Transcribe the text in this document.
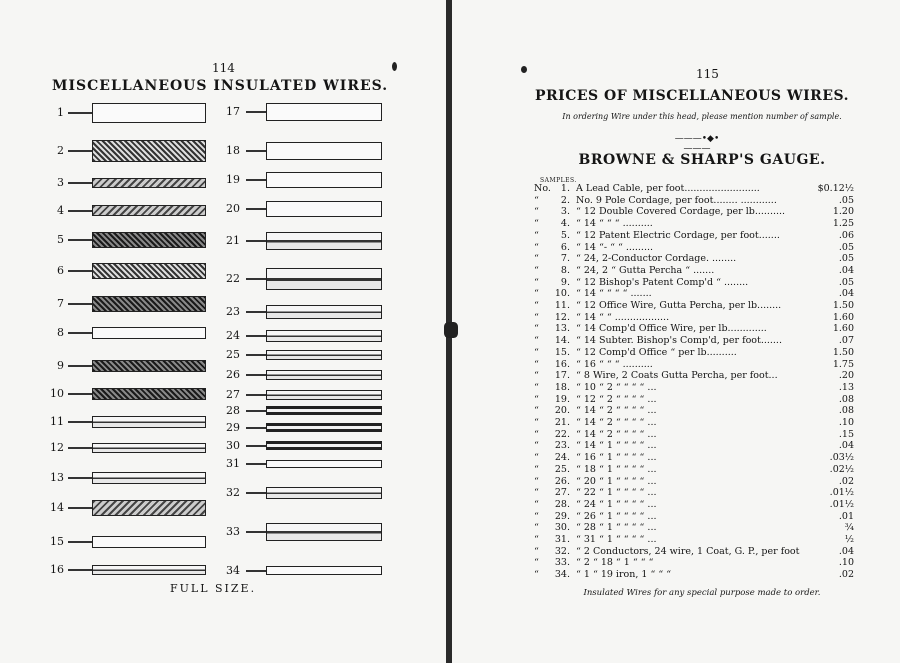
114
MISCELLANEOUS INSULATED WIRES.
1
2
3
4
5
6
7
8
9
10
11
12
13
14
15
16
17
18
19
20
21
22
23
24
25
26
27
28
29
30
31
32
33
34
FULL SIZE.
115
PRICES OF MISCELLANEOUS WIRES.
In ordering Wire under this head, please mention number of sample.
———•◆•———
BROWNE & SHARP'S GAUGE.
SAMPLES.
No.	1. A Lead Cable, per foot.........................	$0.12½
“	2. No. 9 Pole Cordage, per foot........ ............	.05
“	3. “ 12 Double Covered Cordage, per lb..........	1.20
“	4. “ 14 “ “ “ ..........	1.25
“	5. “ 12 Patent Electric Cordage, per foot.......	.06
“	6. “ 14 “- “ “ .........	.05
“	7. “ 24, 2-Conductor Cordage. ........	.05
“	8. “ 24, 2 “ Gutta Percha “ .......	.04
“	9. “ 12 Bishop's Patent Comp'd “ ........	.05
“	10. “ 14 “ “ “ “ .......	.04
“	11. “ 12 Office Wire, Gutta Percha, per lb........	1.50
“	12. “ 14 “ “ ..................	1.60
“	13. “ 14 Comp'd Office Wire, per lb.............	1.60
“	14. “ 14 Subter. Bishop's Comp'd, per foot.......	.07
“	15. “ 12 Comp'd Office “ per lb..........	1.50
“	16. “ 16 “ “ “ ..........	1.75
“	17. “ 8 Wire, 2 Coats Gutta Percha, per foot...	.20
“	18. “ 10 “ 2 “ “ “ “ ...	.13
“	19. “ 12 “ 2 “ “ “ “ ...	.08
“	20. “ 14 “ 2 “ “ “ “ ...	.08
“	21. “ 14 “ 2 “ “ “ “ ...	.10
“	22. “ 14 “ 2 “ “ “ “ ...	.15
“	23. “ 14 “ 1 “ “ “ “ ...	.04
“	24. “ 16 “ 1 “ “ “ “ ...	.03½
“	25. “ 18 “ 1 “ “ “ “ ...	.02½
“	26. “ 20 “ 1 “ “ “ “ ...	.02
“	27. “ 22 “ 1 “ “ “ “ ...	.01½
“	28. “ 24 “ 1 “ “ “ “ ...	.01½
“	29. “ 26 “ 1 “ “ “ “ ...	.01
“	30. “ 28 “ 1 “ “ “ “ ...	¾
“	31. “ 31 “ 1 “ “ “ “ ...	½
“	32. “ 2 Conductors, 24 wire, 1 Coat, G. P., per foot	.04
“	33. “ 2 “ 18 “ 1 “ “ “	.10
“	34. “ 1 “ 19 iron, 1 “ “ “	.02
Insulated Wires for any special purpose made to order.
